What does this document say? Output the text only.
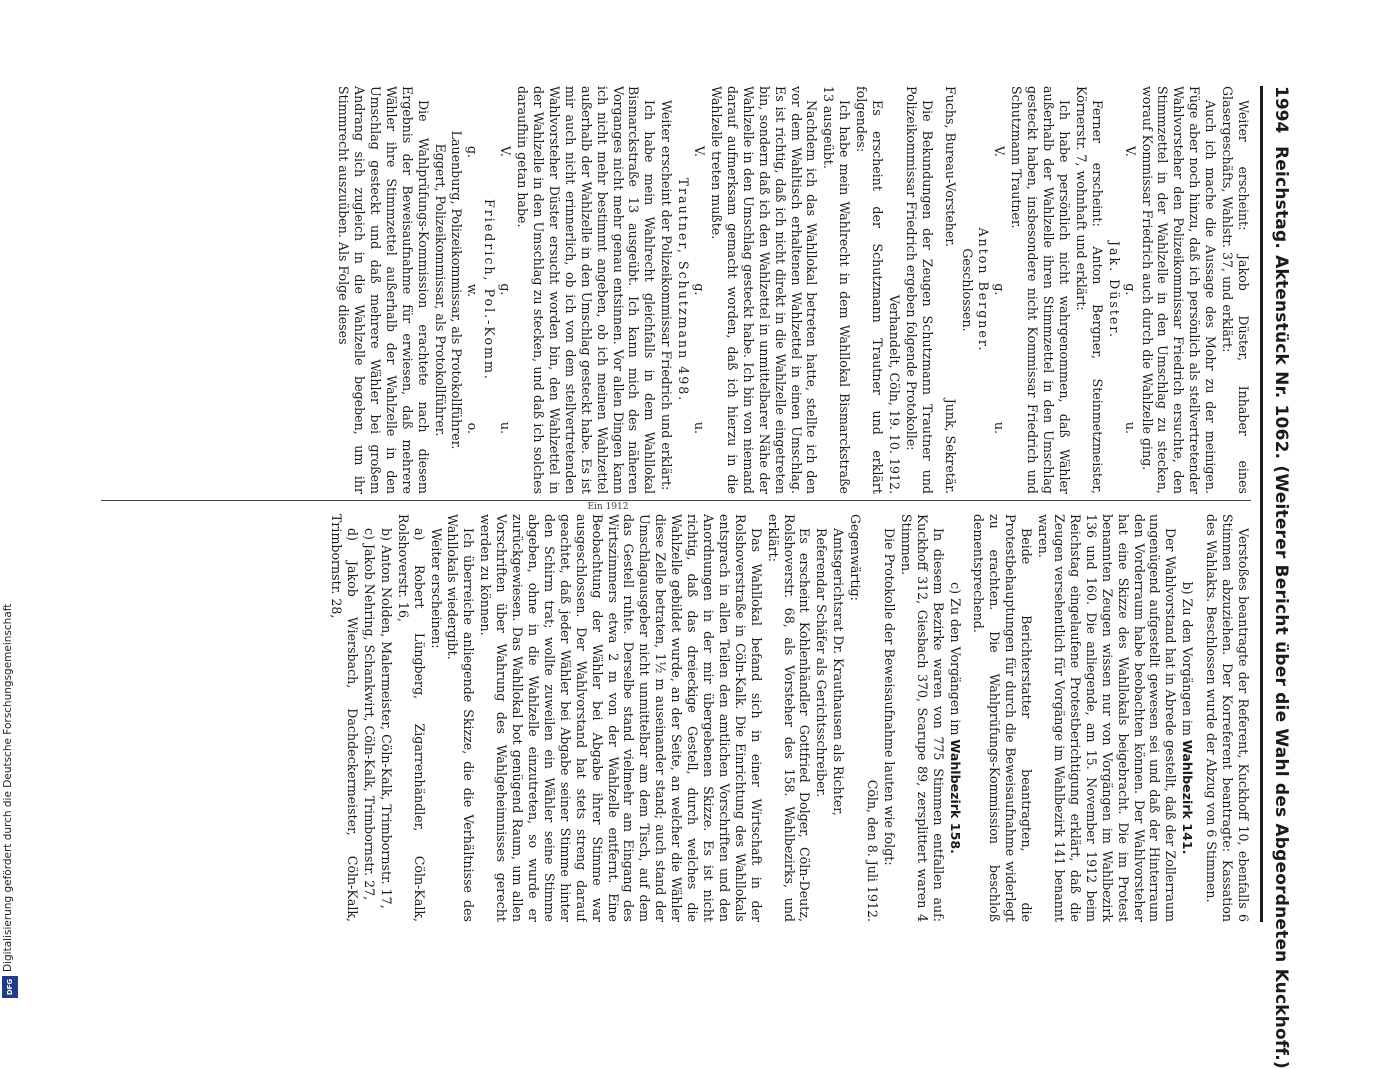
1994
Reichstag. Aktenstück Nr. 1062. (Weiterer Bericht über die Wahl des Abgeordneten Kuckhoff.)

Weiter erscheint: Jakob Düster, Inhaber eines Glasergeschäfts, Wahlstr. 37, und erklärt:

Auch ich mache die Aussage des Mohr zu der meinigen. Füge aber noch hinzu, daß ich persönlich als stellvertretender Wahlvorsteher den Polizeikommissar Friedrich ersuchte, den Stimmzettel in der Wahlzelle in den Umschlag zu stecken, worauf Kommissar Friedrich auch durch die Wahlzelle ging.

V.
g.
u.

Jak. Düster.

Ferner erscheint: Anton Bergner, Steinmetzmeister, Körnerstr. 7, wohnhaft und erklärt:

Ich habe persönlich nicht wahrgenommen, daß Wähler außerhalb der Wahlzelle ihren Stimmzettel in den Umschlag gesteckt haben, insbesondere nicht Kommissar Friedrich und Schutzmann Trautner.

V.
g.
u.

Anton Bergner.

Geschlossen.

Fuchs, Bureau-Vorsteher.
Junk, Sekretär.

Die Bekundungen der Zeugen Schutzmann Trautner und Polizeikommissar Friedrich ergeben folgende Protokolle:

Verhandelt, Cöln, 19. 10. 1912.

Es erscheint der Schutzmann Trautner und erklärt folgendes:

Ich habe mein Wahlrecht in dem Wahllokal Bismarckstraße 13 ausgeübt.

Nachdem ich das Wahllokal betreten hatte, stellte ich den vor dem Wahltisch erhaltenen Wahlzettel in einen Umschlag. Es ist richtig, daß ich nicht direkt in die Wahlzelle eingetreten bin, sondern daß ich den Wahlzettel in unmittelbarer Nähe der Wahlzelle in den Umschlag gesteckt habe. Ich bin von niemand darauf aufmerksam gemacht worden, daß ich hierzu in die Wahlzelle treten mußte.

V.
g.
u.

Trautner, Schutzmann 498.

Weiter erscheint der Polizeikommissar Friedrich und erklärt:

Ich habe mein Wahlrecht gleichfalls in dem Wahllokal Bismarckstraße 13 ausgeübt. Ich kann mich des näheren Vorganges nicht mehr genau entsinnen. Vor allen Dingen kann ich nicht mehr bestimmt angeben, ob ich meinen Wahlzettel außerhalb der Wahlzelle in den Umschlag gesteckt habe. Es ist mir auch nicht erinnerlich, ob ich von dem stellvertretenden Wahlvorsteher Düster ersucht worden bin, den Wahlzettel in der Wahlzelle in den Umschlag zu stecken, und daß ich solches daraufhin getan habe.

V.
g.
u.

Friedrich, Pol.-Komm.

g.
w.
o.

Lauenburg, Polizeikommissar, als Protokollführer.

Eggert, Polizeikommissar, als Protokollführer.

Die Wahlprüfungs-Kommission erachtete nach diesem Ergebnis der Beweisaufnahme für erwiesen, daß mehrere Wähler ihre Stimmzettel außerhalb der Wahlzelle in den Umschlag gesteckt und daß mehrere Wähler bei großem Andrang sich zugleich in die Wahlzelle begeben, um ihr Stimmrecht auszuüben. Als Folge dieses

Verstoßes beantragte der Referent, Kuckhoff 10, ebenfalls 6 Stimmen abzuziehen. Der Korreferent beantragte: Kassation des Wahlakts. Beschlossen wurde der Abzug von 6 Stimmen.

b) Zu den Vorgängen im Wahlbezirk 141.

Der Wahlvorstand hat in Abrede gestellt, daß der Zollerraum ungenügend aufgestellt gewesen sei und daß der Hinterraum den Vorderraum habe beobachten können. Der Wahlvorsteher hat eine Skizze des Wahllokals beigebracht. Die im Protest benannten Zeugen wissen nur von Vorgängen im Wahlbezirk 136 und 160. Die anliegende, am 15. November 1912 beim Reichstag eingelaufene Protestberichtigung erklärt, daß die Zeugen versehentlich für Vorgänge im Wahlbezirk 141 benannt waren.

Beide Berichterstatter beantragten, die Protestbehauptungen für durch die Beweisaufnahme widerlegt zu erachten. Die Wahlprüfungs-Kommission beschloß dementsprechend.

c) Zu den Vorgängen im Wahlbezirk 158.

In diesem Bezirke waren von 775 Stimmen entfallen auf: Kuckhoff 312, Giesbach 370, Scarupe 89, zersplittert waren 4 Stimmen.

Die Protokolle der Beweisaufnahme lauten wie folgt:

Cöln, den 8. Juli 1912.

Gegenwärtig:

Amtsgerichtsrat Dr. Krauthausen als Richter,

Referendar Schäfer als Gerichtsschreiber.

Es erscheint Kohlenhändler Gottfried Dolger, Cöln-Deutz, Rolshoverstr. 68, als Vorsteher des 158. Wahlbezirks, und erklärt:

Das Wahllokal befand sich in einer Wirtschaft in der Rolshoverstraße in Cöln-Kalk. Die Einrichtung des Wahllokals entsprach in allen Teilen den amtlichen Vorschriften und den Anordnungen in der mir übergebenen Skizze. Es ist nicht richtig, daß das dreieckige Gestell, durch welches die Wahlzelle gebildet wurde, an der Seite, an welcher die Wähler diese Zelle betraten, 1½ m auseinander stand; auch stand der Umschlagausgeber nicht unmittelbar am dem Tisch, auf dem das Gestell ruhte. Derselbe stand vielmehr am Eingang des Wirtszimmers etwa 2 m von der Wahlzelle entfernt. Eine Beobachtung der Wähler bei Abgabe ihrer Stimme war ausgeschlossen. Der Wahlvorstand hat stets streng darauf geachtet, daß jeder Wähler bei Abgabe seiner Stimme hinter den Schirm trat; wollte zuweilen ein Wähler seine Stimme abgeben, ohne in die Wahlzelle einzutreten, so wurde er zurückgewiesen. Das Wahllokal bot genügend Raum, um allen Vorschriften über Wahrung des Wahlgeheimnisses gerecht werden zu können.

Ich überreiche anliegende Skizze, die die Verhältnisse des Wahllokals wiedergibt.

Weiter erscheinen:

a) Robert Lüngberg, Zigarrenhändler, Cöln-Kalk, Rolshoverstr. 16,

b) Anton Nolden, Malermeister, Cöln-Kalk, Trimbornstr. 17,

c) Jakob Nehring, Schankwirt, Cöln-Kalk, Trimbornstr. 27,

d) Jakob Wiersbach, Dachdeckermeister, Cöln-Kalk, Trimbornstr. 28,

Ein 1912
Digitalisierung gefördert durch die Deutsche Forschungsgemeinschaft
DFG
